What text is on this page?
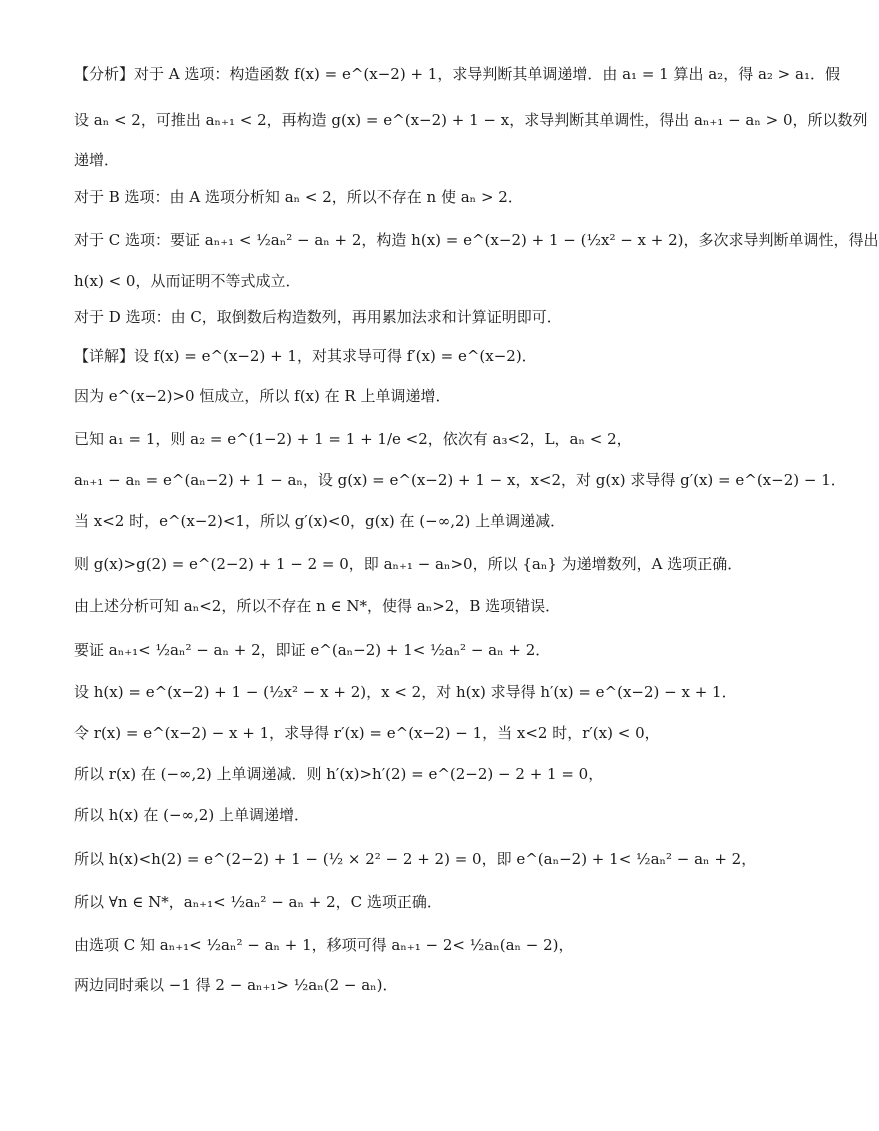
【分析】对于 A 选项：构造函数 f(x) = e^(x−2) + 1，求导判断其单调递增．由 a₁ = 1 算出 a₂，得 a₂ > a₁．假
设 aₙ < 2，可推出 aₙ₊₁ < 2，再构造 g(x) = e^(x−2) + 1 − x，求导判断其单调性，得出 aₙ₊₁ − aₙ > 0，所以数列
递增．
对于 B 选项：由 A 选项分析知 aₙ < 2，所以不存在 n 使 aₙ > 2．
对于 C 选项：要证 aₙ₊₁ < ½aₙ² − aₙ + 2，构造 h(x) = e^(x−2) + 1 − (½x² − x + 2)，多次求导判断单调性，得出
h(x) < 0，从而证明不等式成立．
对于 D 选项：由 C，取倒数后构造数列，再用累加法求和计算证明即可．
【详解】设 f(x) = e^(x−2) + 1，对其求导可得 f′(x) = e^(x−2)．
因为 e^(x−2)>0 恒成立，所以 f(x) 在 R 上单调递增．
已知 a₁ = 1，则 a₂ = e^(1−2) + 1 = 1 + 1/e <2，依次有 a₃<2，L，aₙ < 2，
aₙ₊₁ − aₙ = e^(aₙ−2) + 1 − aₙ，设 g(x) = e^(x−2) + 1 − x，x<2，对 g(x) 求导得 g′(x) = e^(x−2) − 1．
当 x<2 时，e^(x−2)<1，所以 g′(x)<0，g(x) 在 (−∞,2) 上单调递减．
则 g(x)>g(2) = e^(2−2) + 1 − 2 = 0，即 aₙ₊₁ − aₙ>0，所以 {aₙ} 为递增数列，A 选项正确．
由上述分析可知 aₙ<2，所以不存在 n ∈ N*，使得 aₙ>2，B 选项错误．
要证 aₙ₊₁< ½aₙ² − aₙ + 2，即证 e^(aₙ−2) + 1< ½aₙ² − aₙ + 2．
设 h(x) = e^(x−2) + 1 − (½x² − x + 2)，x < 2，对 h(x) 求导得 h′(x) = e^(x−2) − x + 1．
令 r(x) = e^(x−2) − x + 1，求导得 r′(x) = e^(x−2) − 1，当 x<2 时，r′(x) < 0，
所以 r(x) 在 (−∞,2) 上单调递减．则 h′(x)>h′(2) = e^(2−2) − 2 + 1 = 0，
所以 h(x) 在 (−∞,2) 上单调递增．
所以 h(x)<h(2) = e^(2−2) + 1 − (½ × 2² − 2 + 2) = 0，即 e^(aₙ−2) + 1< ½aₙ² − aₙ + 2，
所以 ∀n ∈ N*，aₙ₊₁< ½aₙ² − aₙ + 2，C 选项正确．
由选项 C 知 aₙ₊₁< ½aₙ² − aₙ + 1，移项可得 aₙ₊₁ − 2< ½aₙ(aₙ − 2)，
两边同时乘以 −1 得 2 − aₙ₊₁> ½aₙ(2 − aₙ)．
